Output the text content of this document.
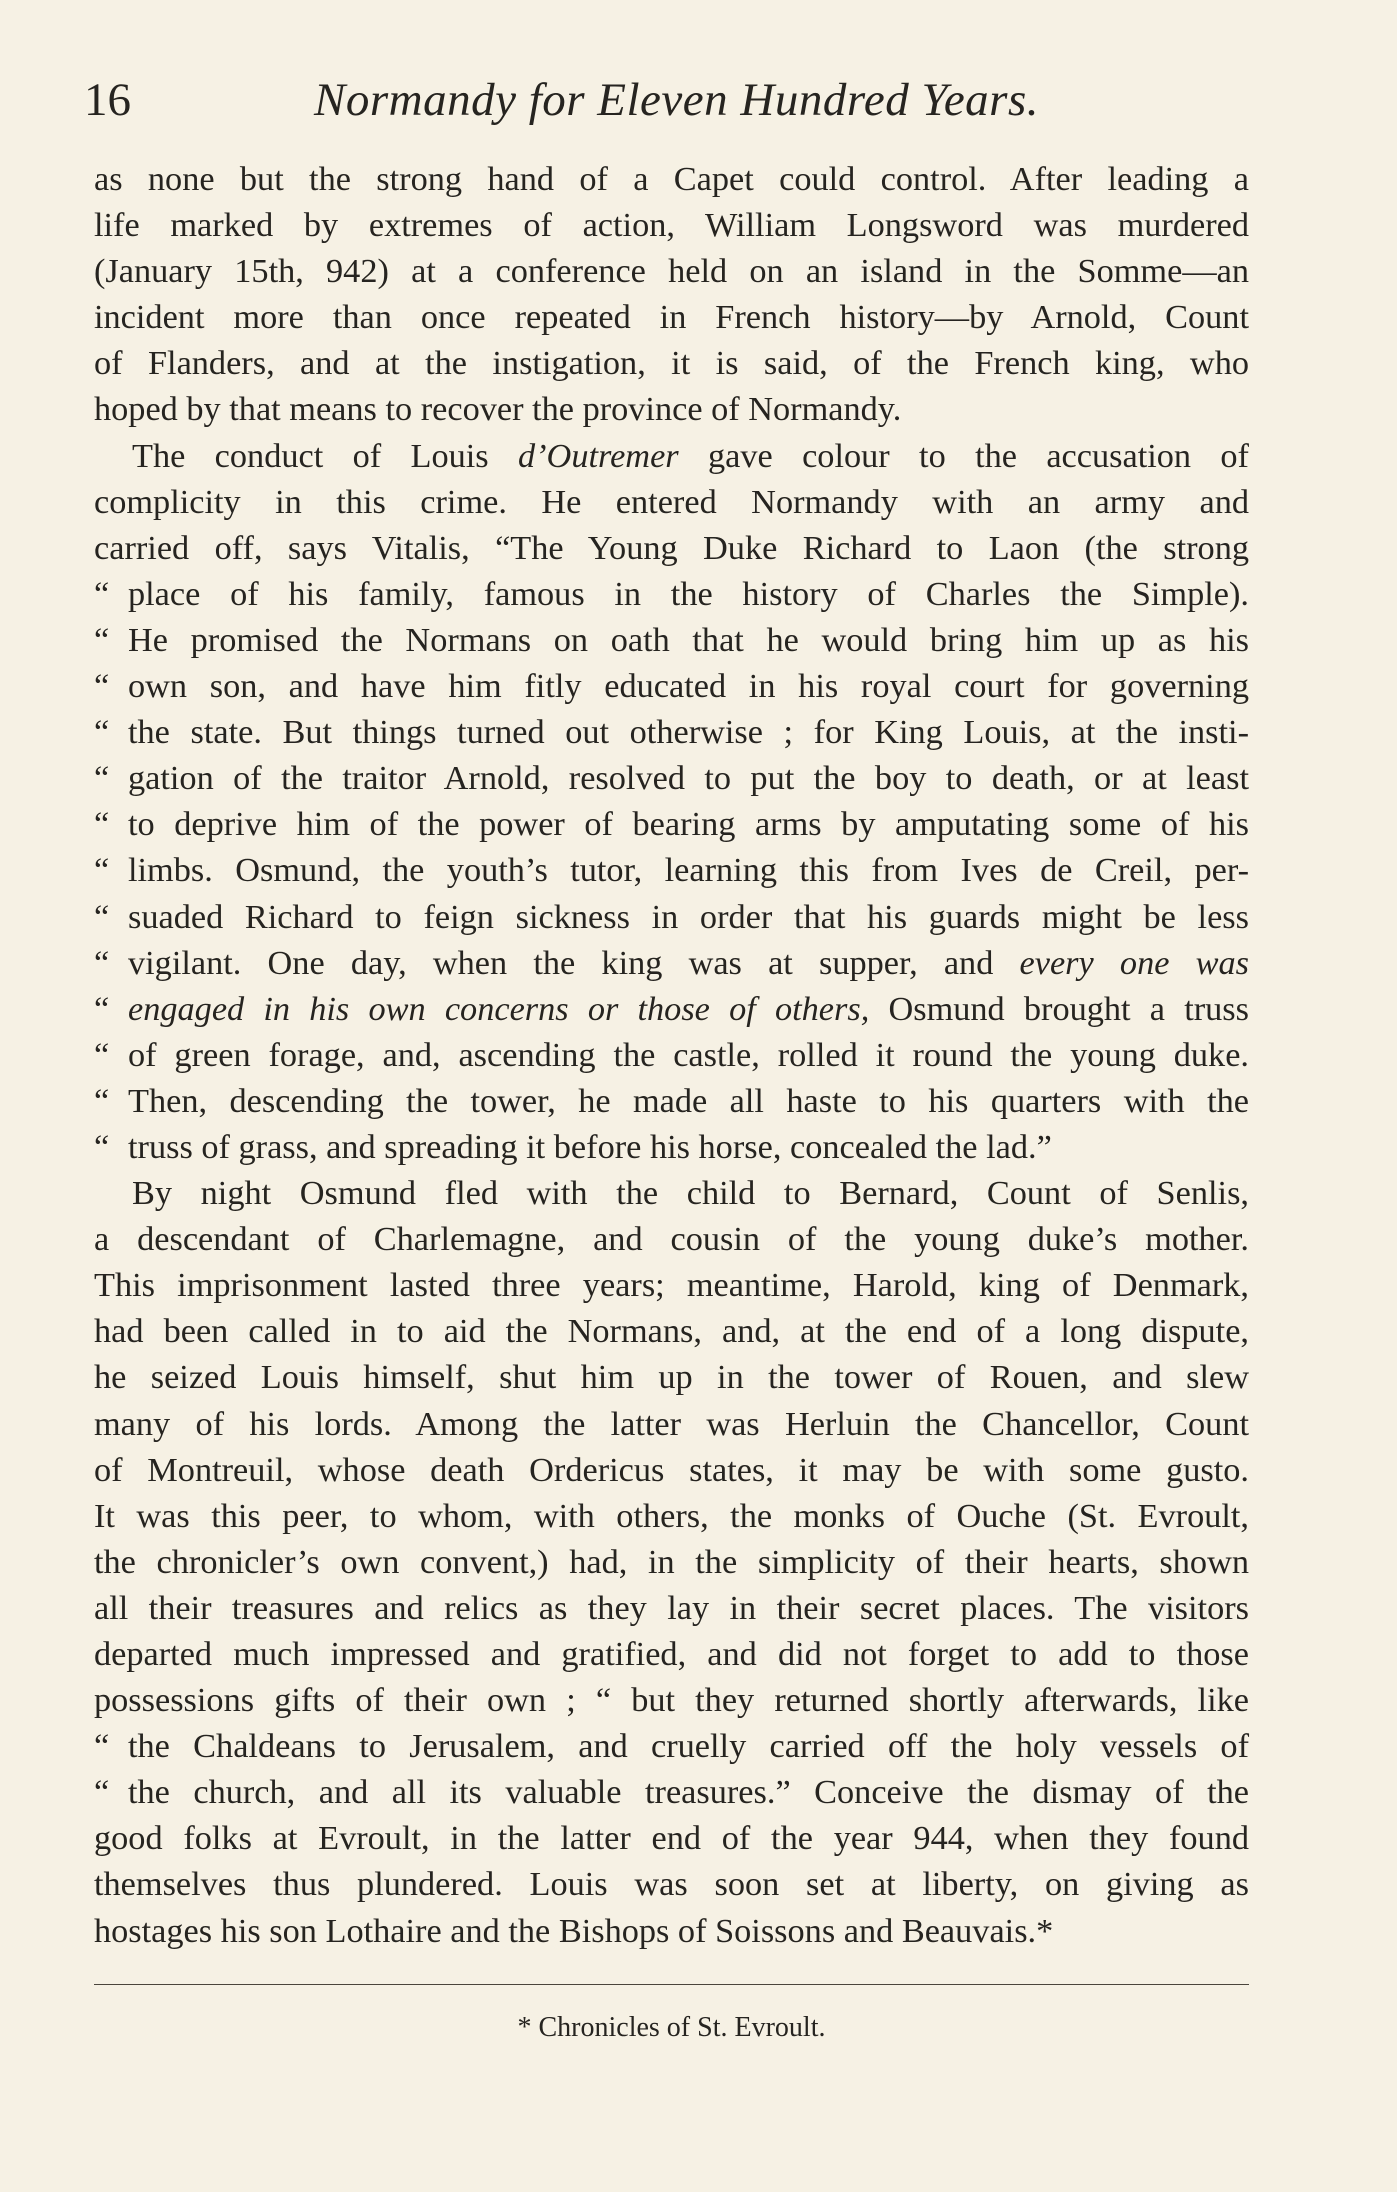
16	Normandy for Eleven Hundred Years.
as none but the strong hand of a Capet could control. After leading a
life marked by extremes of action, William Longsword was murdered
(January 15th, 942) at a conference held on an island in the Somme—an
incident more than once repeated in French history—by Arnold, Count
of Flanders, and at the instigation, it is said, of the French king, who
hoped by that means to recover the province of Normandy.
The conduct of Louis d’Outremer gave colour to the accusation of
complicity in this crime. He entered Normandy with an army and
carried off, says Vitalis, “The Young Duke Richard to Laon (the strong
“ place of his family, famous in the history of Charles the Simple).
“ He promised the Normans on oath that he would bring him up as his
“ own son, and have him fitly educated in his royal court for governing
“ the state. But things turned out otherwise ; for King Louis, at the insti-
“ gation of the traitor Arnold, resolved to put the boy to death, or at least
“ to deprive him of the power of bearing arms by amputating some of his
“ limbs. Osmund, the youth’s tutor, learning this from Ives de Creil, per-
“ suaded Richard to feign sickness in order that his guards might be less
“ vigilant. One day, when the king was at supper, and every one was
“ engaged in his own concerns or those of others, Osmund brought a truss
“ of green forage, and, ascending the castle, rolled it round the young duke.
“ Then, descending the tower, he made all haste to his quarters with the
“ truss of grass, and spreading it before his horse, concealed the lad.”
By night Osmund fled with the child to Bernard, Count of Senlis,
a descendant of Charlemagne, and cousin of the young duke’s mother.
This imprisonment lasted three years; meantime, Harold, king of Denmark,
had been called in to aid the Normans, and, at the end of a long dispute,
he seized Louis himself, shut him up in the tower of Rouen, and slew
many of his lords. Among the latter was Herluin the Chancellor, Count
of Montreuil, whose death Ordericus states, it may be with some gusto.
It was this peer, to whom, with others, the monks of Ouche (St. Evroult,
the chronicler’s own convent,) had, in the simplicity of their hearts, shown
all their treasures and relics as they lay in their secret places. The visitors
departed much impressed and gratified, and did not forget to add to those
possessions gifts of their own ; “ but they returned shortly afterwards, like
“ the Chaldeans to Jerusalem, and cruelly carried off the holy vessels of
“ the church, and all its valuable treasures.” Conceive the dismay of the
good folks at Evroult, in the latter end of the year 944, when they found
themselves thus plundered. Louis was soon set at liberty, on giving as
hostages his son Lothaire and the Bishops of Soissons and Beauvais.*
* Chronicles of St. Evroult.
